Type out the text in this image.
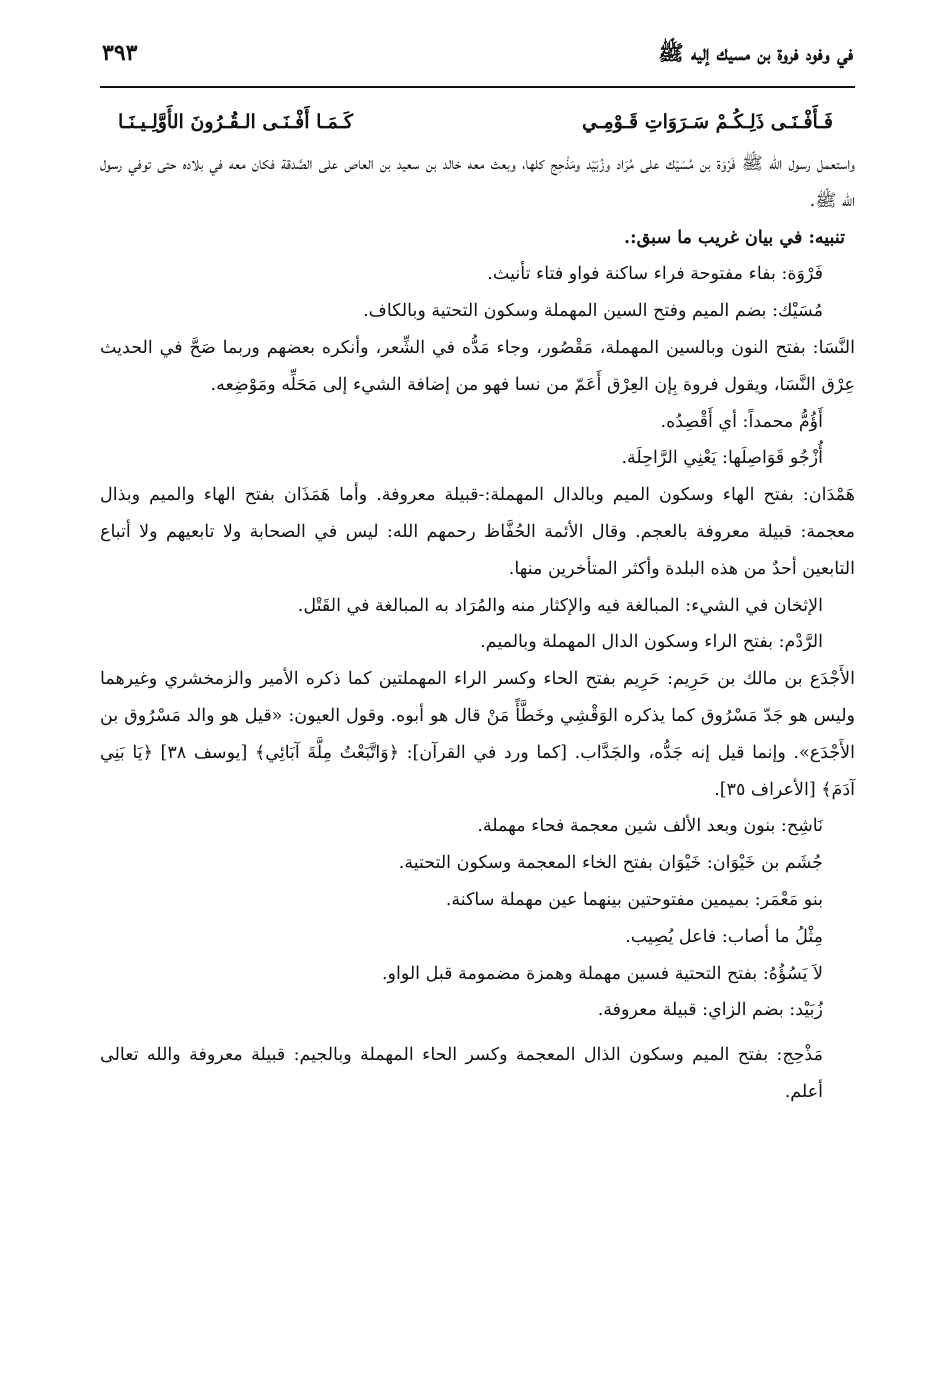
في وفود فروة بن مسيك إليه ﷺ
٣٩٣
فَـأَفْـنَـى ذَلِـكُـمْ سَـرَوَاتِ قَـوْمِـي
كَـمَـا أَفْـنَـى الـقُـرُونَ الأَوَّلِـيـنَـا

واستعمل رسول الله ﷺ فَرْوَة بن مُسَيْك على مُرَاد وزُبَيْد ومَذْحِج كلها، وبعث معه خالد بن سعيد بن العاص على الصَّدقة فكان معه في بلاده حتى توفي رسول الله ﷺ.

تنبيه: في بيان غريب ما سبق:.

فَرْوَة: بفاء مفتوحة فراء ساكنة فواو فتاء تأنيث.

مُسَيْك: بضم الميم وفتح السين المهملة وسكون التحتية وبالكاف.

النَّسَا: بفتح النون وبالسين المهملة، مَقْصُور، وجاء مَدُّه في الشِّعر، وأنكره بعضهم وربما صَحَّ في الحديث عِرْق النَّسَا، ويقول فروة بِإن العِرْق أَعَمّ من نسا فهو من إضافة الشيء إلى مَحَلِّه ومَوْضِعه.

أَؤُمُّ محمداً: أي أَقْصِدُه.

أُزْجُو قَوَاصِلَها: يَعْنِي الرَّاحِلَة.

هَمْدَان: بفتح الهاء وسكون الميم وبالدال المهملة:-قبيلة معروفة. وأما هَمَذَان بفتح الهاء والميم وبذال معجمة: قبيلة معروفة بالعجم. وقال الأئمة الحُفَّاظ رحمهم الله: ليس في الصحابة ولا تابعيهم ولا أتباع التابعين أحدٌ من هذه البلدة وأكثر المتأخرين منها.

الإثخان في الشيء: المبالغة فيه والإكثار منه والمُرَاد به المبالغة في القَتْل.

الرَّدْم: بفتح الراء وسكون الدال المهملة وبالميم.

الأَجْدَع بن مالك بن حَرِيم: حَرِيم بفتح الحاء وكسر الراء المهملتين كما ذكره الأمير والزمخشري وغيرهما وليس هو جَدّ مَسْرُوق كما يذكره الوَقْشِي وخَطَّأً مَنْ قال هو أبوه. وقول العيون: «قيل هو والد مَسْرُوق بن الأَجْدَع». وإنما قيل إنه جَدُّه، والجَدَّاب. [كما ورد في القرآن]: ﴿وَاتَّبَعْتُ مِلَّةَ آبَائِي﴾ [يوسف ٣٨] ﴿يَا بَنِي آدَمَ﴾ [الأعراف ٣٥].

نَاشِح: بنون وبعد الألف شين معجمة فحاء مهملة.

جُشَم بن خَيْوَان: خَيْوَان بفتح الخاء المعجمة وسكون التحتية.

بنو مَعْمَر: بميمين مفتوحتين بينهما عين مهملة ساكنة.

مِثْلُ ما أصاب: فاعل يُصِيب.

لاَ يَسُؤُهُ: بفتح التحتية فسين مهملة وهمزة مضمومة قبل الواو.

زُبَيْد: بضم الزاي: قبيلة معروفة.

مَذْحِج: بفتح الميم وسكون الذال المعجمة وكسر الحاء المهملة وبالجيم: قبيلة معروفة والله تعالى أعلم.
